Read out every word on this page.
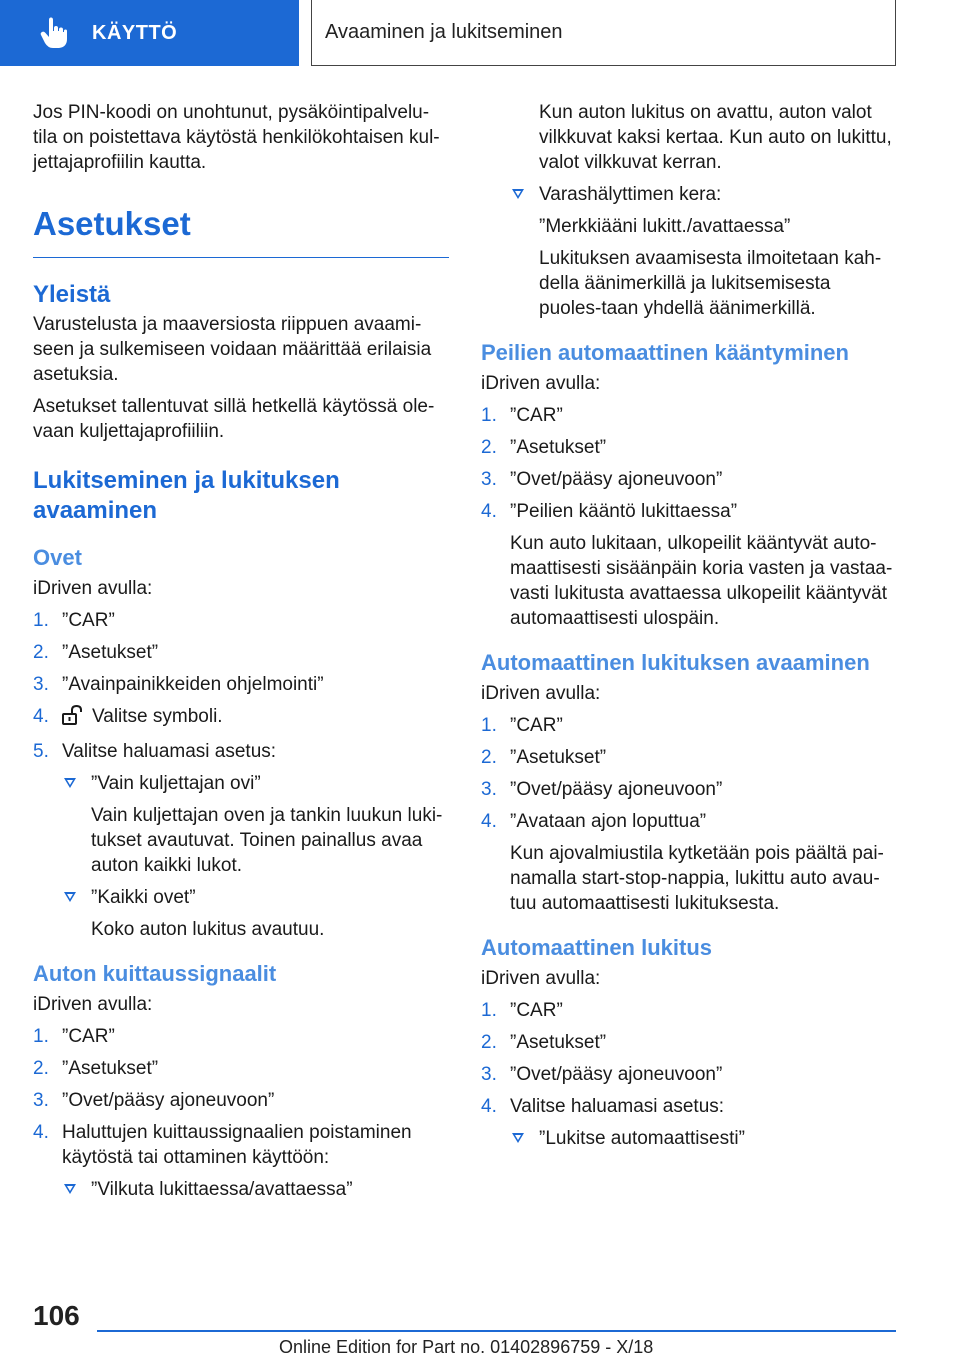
KÄYTTÖ	Avaaminen ja lukitseminen

Jos PIN-koodi on unohtunut, pysäköintipalvelu-tila on poistettava käytöstä henkilökohtaisen kul-jettajaprofiilin kautta.

Asetukset
Yleistä

Varustelusta ja maaversiosta riippuen avaami-seen ja sulkemiseen voidaan määrittää erilaisia asetuksia.

Asetukset tallentuvat sillä hetkellä käytössä ole-vaan kuljettajaprofiiliin.

Lukitseminen ja lukituksen avaaminen
Ovet

iDriven avulla:

1. ”CAR”
2. ”Asetukset”
3. ”Avainpainikkeiden ohjelmointi”
4. Valitse symboli.
5. Valitse haluamasi asetus:
”Vain kuljettajan ovi”

Vain kuljettajan oven ja tankin luukun luki-tukset avautuvat. Toinen painallus avaa auton kaikki lukot.

”Kaikki ovet”

Koko auton lukitus avautuu.

Auton kuittaussignaalit

iDriven avulla:

1. ”CAR”
2. ”Asetukset”
3. ”Ovet/pääsy ajoneuvoon”
4. Haluttujen kuittaussignaalien poistaminen käytöstä tai ottaminen käyttöön:
”Vilkuta lukittaessa/avattaessa”

Kun auton lukitus on avattu, auton valot vilkkuvat kaksi kertaa. Kun auto on lukittu, valot vilkkuvat kerran.

Varashälyttimen kera:

”Merkkiääni lukitt./avattaessa”

Lukituksen avaamisesta ilmoitetaan kah-della äänimerkillä ja lukitsemisesta puoles-taan yhdellä äänimerkillä.

Peilien automaattinen kääntyminen

iDriven avulla:

1. ”CAR”
2. ”Asetukset”
3. ”Ovet/pääsy ajoneuvoon”
4. ”Peilien kääntö lukittaessa”

Kun auto lukitaan, ulkopeilit kääntyvät auto-maattisesti sisäänpäin koria vasten ja vastaa-vasti lukitusta avattaessa ulkopeilit kääntyvät automaattisesti ulospäin.

Automaattinen lukituksen avaaminen

iDriven avulla:

1. ”CAR”
2. ”Asetukset”
3. ”Ovet/pääsy ajoneuvoon”
4. ”Avataan ajon loputtua”

Kun ajovalmiustila kytketään pois päältä pai-namalla start-stop-nappia, lukittu auto avau-tuu automaattisesti lukituksesta.

Automaattinen lukitus

iDriven avulla:

1. ”CAR”
2. ”Asetukset”
3. ”Ovet/pääsy ajoneuvoon”
4. Valitse haluamasi asetus:
”Lukitse automaattisesti”
106
Online Edition for Part no. 01402896759 - X/18
